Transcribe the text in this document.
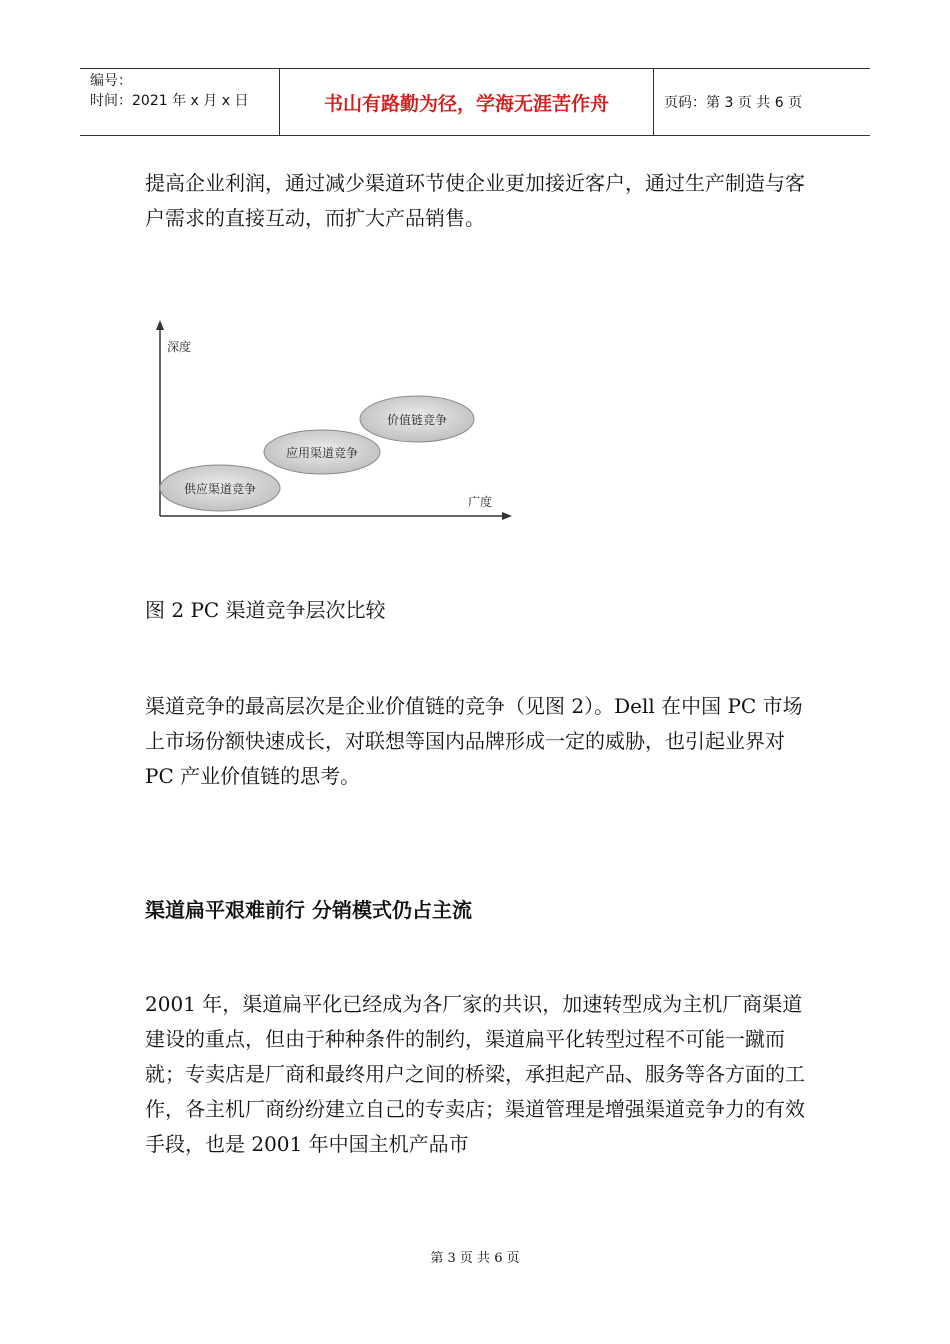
编号：
时间：2021 年 x 月 x 日	书山有路勤为径，学海无涯苦作舟	页码：第 3 页 共 6 页
提高企业利润，通过减少渠道环节使企业更加接近客户，通过生产制造与客户需求的直接互动，而扩大产品销售。
深度
广度
供应渠道竞争
应用渠道竞争
价值链竞争
图 2 PC 渠道竞争层次比较
渠道竞争的最高层次是企业价值链的竞争（见图 2）。Dell 在中国 PC 市场上市场份额快速成长，对联想等国内品牌形成一定的威胁，也引起业界对 PC 产业价值链的思考。
渠道扁平艰难前行 分销模式仍占主流
2001 年，渠道扁平化已经成为各厂家的共识，加速转型成为主机厂商渠道建设的重点，但由于种种条件的制约，渠道扁平化转型过程不可能一蹴而就；专卖店是厂商和最终用户之间的桥梁，承担起产品、服务等各方面的工作，各主机厂商纷纷建立自己的专卖店；渠道管理是增强渠道竞争力的有效手段，也是 2001 年中国主机产品市
第 3 页 共 6 页
